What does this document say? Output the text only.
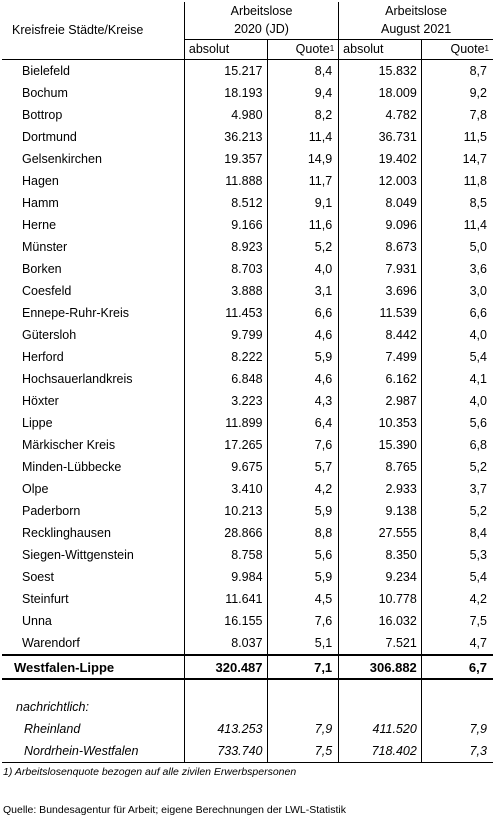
Kreisfreie Städte/Kreise	Arbeitslose		Arbeitslose	
	2020 (JD)		August 2021	
	absolut	Quote$^1$	absolut	Quote$^1$
Bielefeld	15.217	8,4	15.832	8,7
Bochum	18.193	9,4	18.009	9,2
Bottrop	4.980	8,2	4.782	7,8
Dortmund	36.213	11,4	36.731	11,5
Gelsenkirchen	19.357	14,9	19.402	14,7
Hagen	11.888	11,7	12.003	11,8
Hamm	8.512	9,1	8.049	8,5
Herne	9.166	11,6	9.096	11,4
Münster	8.923	5,2	8.673	5,0
Borken	8.703	4,0	7.931	3,6
Coesfeld	3.888	3,1	3.696	3,0
Ennepe-Ruhr-Kreis	11.453	6,6	11.539	6,6
Gütersloh	9.799	4,6	8.442	4,0
Herford	8.222	5,9	7.499	5,4
Hochsauerlandkreis	6.848	4,6	6.162	4,1
Höxter	3.223	4,3	2.987	4,0
Lippe	11.899	6,4	10.353	5,6
Märkischer Kreis	17.265	7,6	15.390	6,8
Minden-Lübbecke	9.675	5,7	8.765	5,2
Olpe	3.410	4,2	2.933	3,7
Paderborn	10.213	5,9	9.138	5,2
Recklinghausen	28.866	8,8	27.555	8,4
Siegen-Wittgenstein	8.758	5,6	8.350	5,3
Soest	9.984	5,9	9.234	5,4
Steinfurt	11.641	4,5	10.778	4,2
Unna	16.155	7,6	16.032	7,5
Warendorf	8.037	5,1	7.521	4,7
Westfalen-Lippe	320.487	7,1	306.882	6,7

nachrichtlich:				
Rheinland	413.253	7,9	411.520	7,9
Nordrhein-Westfalen	733.740	7,5	718.402	7,3
1) Arbeitslosenquote bezogen auf alle zivilen Erwerbspersonen
Quelle: Bundesagentur für Arbeit; eigene Berechnungen der LWL-Statistik
